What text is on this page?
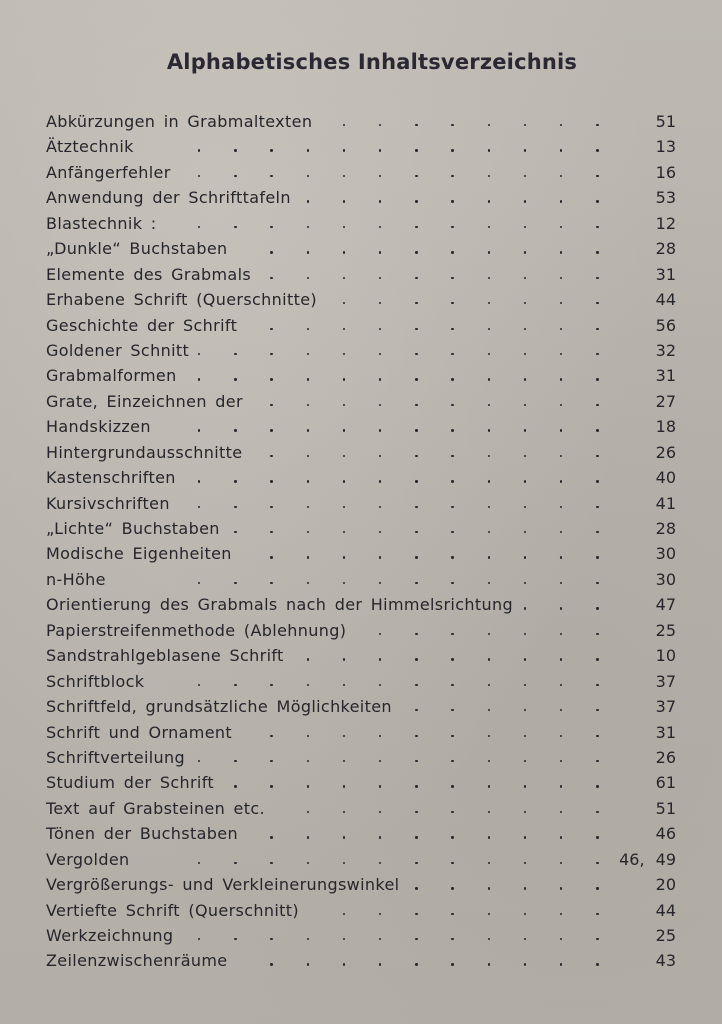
Alphabetisches Inhaltsverzeichnis
Abkürzungen in Grabmaltexten	51
Ätztechnik	13
Anfängerfehler	16
Anwendung der Schrifttafeln	53
Blastechnik :	12
„Dunkle“ Buchstaben	28
Elemente des Grabmals	31
Erhabene Schrift (Querschnitte)	44
Geschichte der Schrift	56
Goldener Schnitt	32
Grabmalformen	31
Grate, Einzeichnen der	27
Handskizzen	18
Hintergrundausschnitte	26
Kastenschriften	40
Kursivschriften	41
„Lichte“ Buchstaben	28
Modische Eigenheiten	30
n-Höhe	30
Orientierung des Grabmals nach der Himmelsrichtung	47
Papierstreifenmethode (Ablehnung)	25
Sandstrahlgeblasene Schrift	10
Schriftblock	37
Schriftfeld, grundsätzliche Möglichkeiten	37
Schrift und Ornament	31
Schriftverteilung	26
Studium der Schrift	61
Text auf Grabsteinen etc.	51
Tönen der Buchstaben	46
Vergolden	46, 49
Vergrößerungs- und Verkleinerungswinkel	20
Vertiefte Schrift (Querschnitt)	44
Werkzeichnung	25
Zeilenzwischenräume	43
